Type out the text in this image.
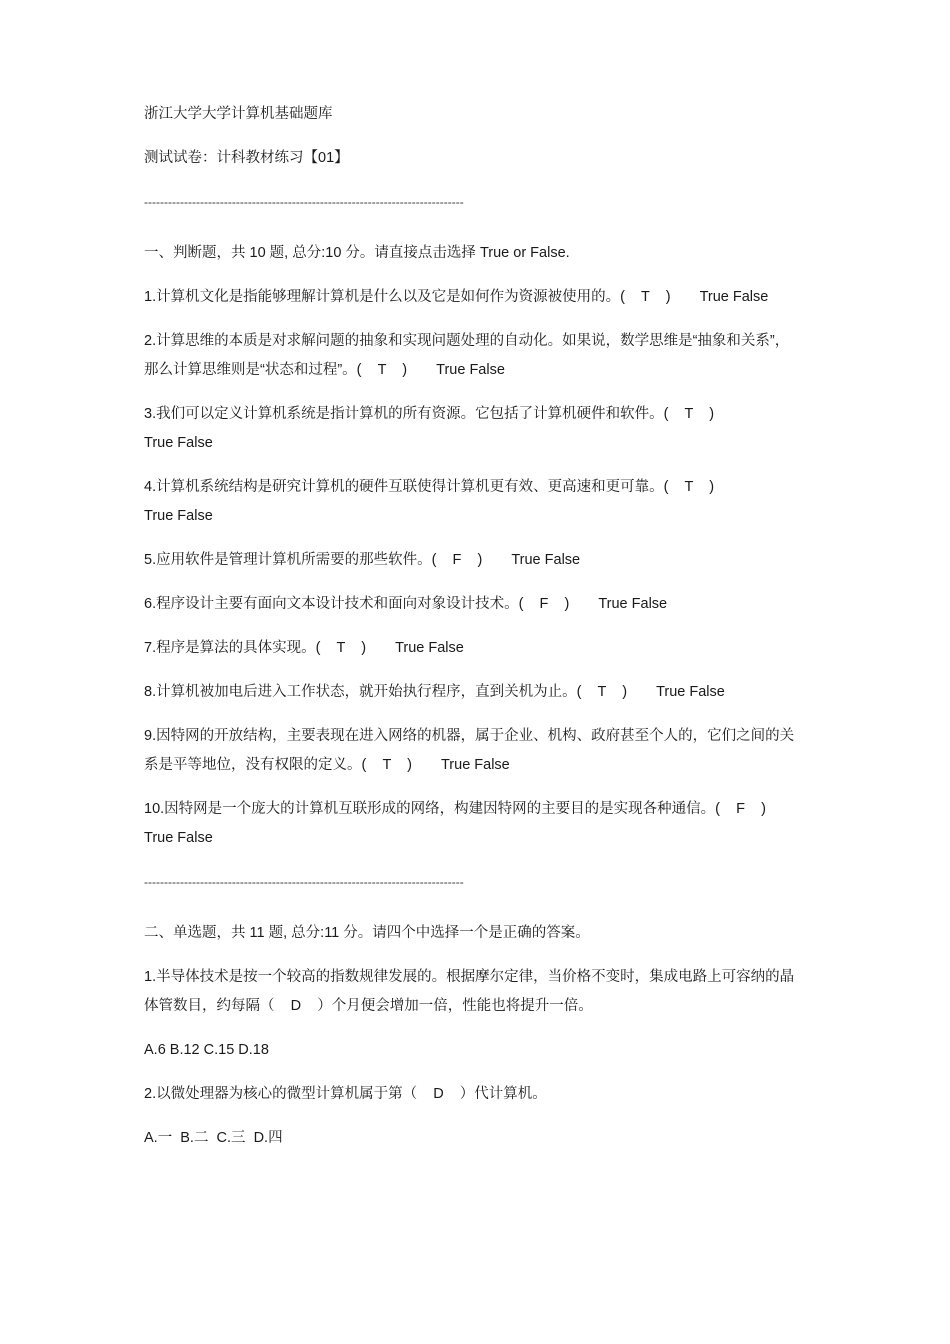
浙江大学大学计算机基础题库

测试试卷：计科教材练习【01】

--------------------------------------------------------------------------------

一、判断题，共 10 题, 总分:10 分。请直接点击选择 True or False.

1.计算机文化是指能够理解计算机是什么以及它是如何作为资源被使用的。(    T    )     True False

2.计算思维的本质是对求解问题的抽象和实现问题处理的自动化。如果说，数学思维是“抽象和关系”，那么计算思维则是“状态和过程”。(    T    )     True False

3.我们可以定义计算机系统是指计算机的所有资源。它包括了计算机硬件和软件。(    T    )    True False

4.计算机系统结构是研究计算机的硬件互联使得计算机更有效、更高速和更可靠。(    T    )    True False

5.应用软件是管理计算机所需要的那些软件。(    F    )     True False

6.程序设计主要有面向文本设计技术和面向对象设计技术。(    F    )     True False

7.程序是算法的具体实现。(    T    )     True False

8.计算机被加电后进入工作状态，就开始执行程序，直到关机为止。(    T    )     True False

9.因特网的开放结构，主要表现在进入网络的机器，属于企业、机构、政府甚至个人的，它们之间的关系是平等地位，没有权限的定义。(    T    )     True False

10.因特网是一个庞大的计算机互联形成的网络，构建因特网的主要目的是实现各种通信。(    F    )    True False

--------------------------------------------------------------------------------

二、单选题，共 11 题, 总分:11 分。请四个中选择一个是正确的答案。

1.半导体技术是按一个较高的指数规律发展的。根据摩尔定律，当价格不变时，集成电路上可容纳的晶体管数目，约每隔（    D    ）个月便会增加一倍，性能也将提升一倍。

A.6 B.12 C.15 D.18

2.以微处理器为核心的微型计算机属于第（    D    ）代计算机。

A.一  B.二  C.三  D.四
